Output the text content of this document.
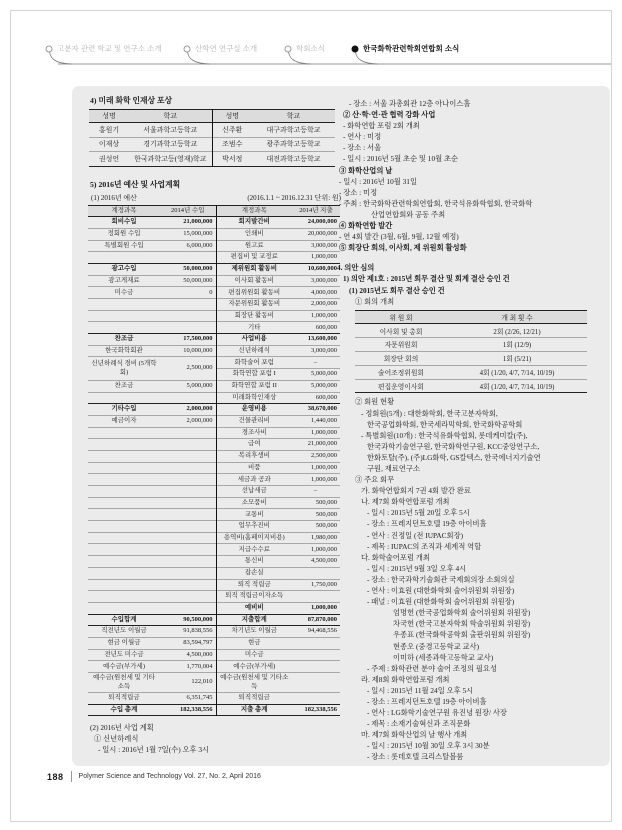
고분자 관련 학교 및 연구소 소개	산학연 연구실 소개	학회소식	한국화학관련학회연합회 소식
4) 미래 화학 인재상 포상
성명	학교	성명	학교
홍원기	서울과학고등학교	신주환	대구과학고등학교
이재상	경기과학고등학교	조범수	광주과학고등학교
권성언	한국과학고등(영재)학교	박서정	대전과학고등학교
5) 2016년 예산 및 사업계획
(1) 2016년 예산	(2016.1.1 ~ 2016.12.31 단위: 원)
계정과목	2014년 수입	계정과목	2014년 지출
회비수입	21,000,000	회지발간비	24,000,000
정회원 수입	15,000,000	인쇄비	20,000,000
특별회원 수입	6,000,000	원고료	3,000,000
		편집비 및 교정료	1,000,000
광고수입	50,000,000	제위원회 활동비	10,600,000
광고게재료	50,000,000	이사회 활동비	3,000,000
미수금	0	편집위원회 활동비	4,000,000
		자문위원회 활동비	2,000,000
		회장단 활동비	1,000,000
		기타	600,000
찬조금	17,500,000	사업비용	13,600,000
한국화학회관	10,000,000	신년하례식	3,000,000
신년하례식 경비 (5개학회)	2,500,000	화학술어 포럼	–
		화학연합 포럼 I	5,000,000
찬조금	5,000,000	화학연합 포럼 II	5,000,000
		미래화학인재상	600,000
기타수입	2,000,000	운영비용	38,670,000
예금이자	2,000,000	건물관리비	1,440,000
		경조사비	1,000,000
		급여	21,000,000
		복리후생비	2,500,000
		비품	1,000,000
		세금과 공과	1,000,000
		선납세금	–
		소모품비	500,000
		교통비	500,000
		업무추진비	500,000
		용역비(홈페이지비용)	1,980,000
		지급수수료	1,000,000
		통신비	4,500,000
		잡손실	
		퇴직 적립금	1,750,000
		퇴직 적립금이자소득	
		예비비	1,000,000
수입합계	90,500,000	지출합계	87,870,000
직전년도 이월금	91,838,556	차기년도 이월금	94,468,556
현금 이월금	83,594,797	현금	
전년도 미수금	4,500,000	미수금	
예수금(부가세)	1,770,004	예수금(부가세)	
예수금(원천세 및 기타소득	122,010	예수금(원천세 및 기타소득	
퇴직적립금	6,351,745	퇴직적립금	
수입 총계	182,338,556	지출 총계	182,338,556
(2) 2016년 사업 계획
① 신년하례식
- 일시 : 2016년 1월 7일(수) 오후 3시
- 장소 : 서울 과총회관 12층 아나이스홀
② 산·학·연·관 협력 강화 사업
- 화학연합 포럼 2회 개최
- 연사 : 미정
- 장소 : 서울
- 일시 : 2016년 5월 초순 및 10월 초순
③ 화학산업의 날
- 일시 : 2016년 10월 31일
- 장소 : 미정
- 주최 : 한국화학관련학회연합회, 한국석유화학협회, 한국화학
산업연합회와 공동 주최
④ 화학연합 발간
- 연 4회 발간 (3월, 6월, 9월, 12월 예정)
⑤ 회장단 회의, 이사회, 제 위원회 활성화
4. 의안 심의
1) 의안 제1호 : 2015년 회무 결산 및 회계 결산 승인 건
(1) 2015년도 회무 결산 승인 건
① 회의 개최
위 원 회	개 최 횟 수
이사회 및 총회	2회 (2/26, 12/21)
자문위원회	1회 (12/9)
회장단 회의	1회 (5/21)
술어조정위원회	4회 (1/20, 4/7, 7/14, 10/19)
편집운영이사회	4회 (1/20, 4/7, 7/14, 10/19)
② 회원 현황
- 정회원(5개) : 대한화학회, 한국고분자학회,
한국공업화학회, 한국세라믹학회, 한국화학공학회
- 특별회원(10개) : 한국석유화학협회, 롯데케미칼(주),
한국과학기술연구원, 한국화학연구원, KCC중앙연구소,
한화토탈(주), (주)LG화학, GS칼텍스, 한국에너지기술연
구원, 재료연구소
③ 주요 회무
가. 화학연합회지 7권 4회 발간 완료
나. 제7회 화학연합포럼 개최
- 일시 : 2015년 5월 20일 오후 5시
- 장소 : 프레지던트호텔 19층 아이비홀
- 연사 : 진정일 (전 IUPAC회장)
- 제목 : IUPAC의 조직과 세계적 역할
다. 화학술어포럼 개최
- 일시 : 2015년 9월 3일 오후 4시
- 장소 : 한국과학기술회관 국제회의장 소회의실
- 연사 : 이효원 (대한화학회 술어위원회 위원장)
- 패널 : 이효원 (대한화학회 술어위원회 위원장)
엄명헌 (한국공업화학회 술어위원회 위원장)
차국헌 (한국고분자학회 학술위원회 위원장)
우종표 (한국화학공학회 출판위원회 위원장)
현종오 (중경고등학교 교사)
이미하 (세종과학고등학교 교사)
- 주제 : 화학관련 분야 술어 조정의 필요성
라. 제8회 화학연합포럼 개최
- 일시 : 2015년 11월 24일 오후 5시
- 장소 : 프레지던트호텔 19층 아이비홀
- 연사 : LG화학기술연구원 유진녕 원장/ 사장
- 제목 : 소재기술혁신과 조직문화
마. 제7회 화학산업의 날 행사 개최
- 일시 : 2015년 10월 30일 오후 3시 30분
- 장소 : 롯데호텔 크리스탈볼룸
188 Polymer Science and Technology Vol. 27, No. 2, April 2016
